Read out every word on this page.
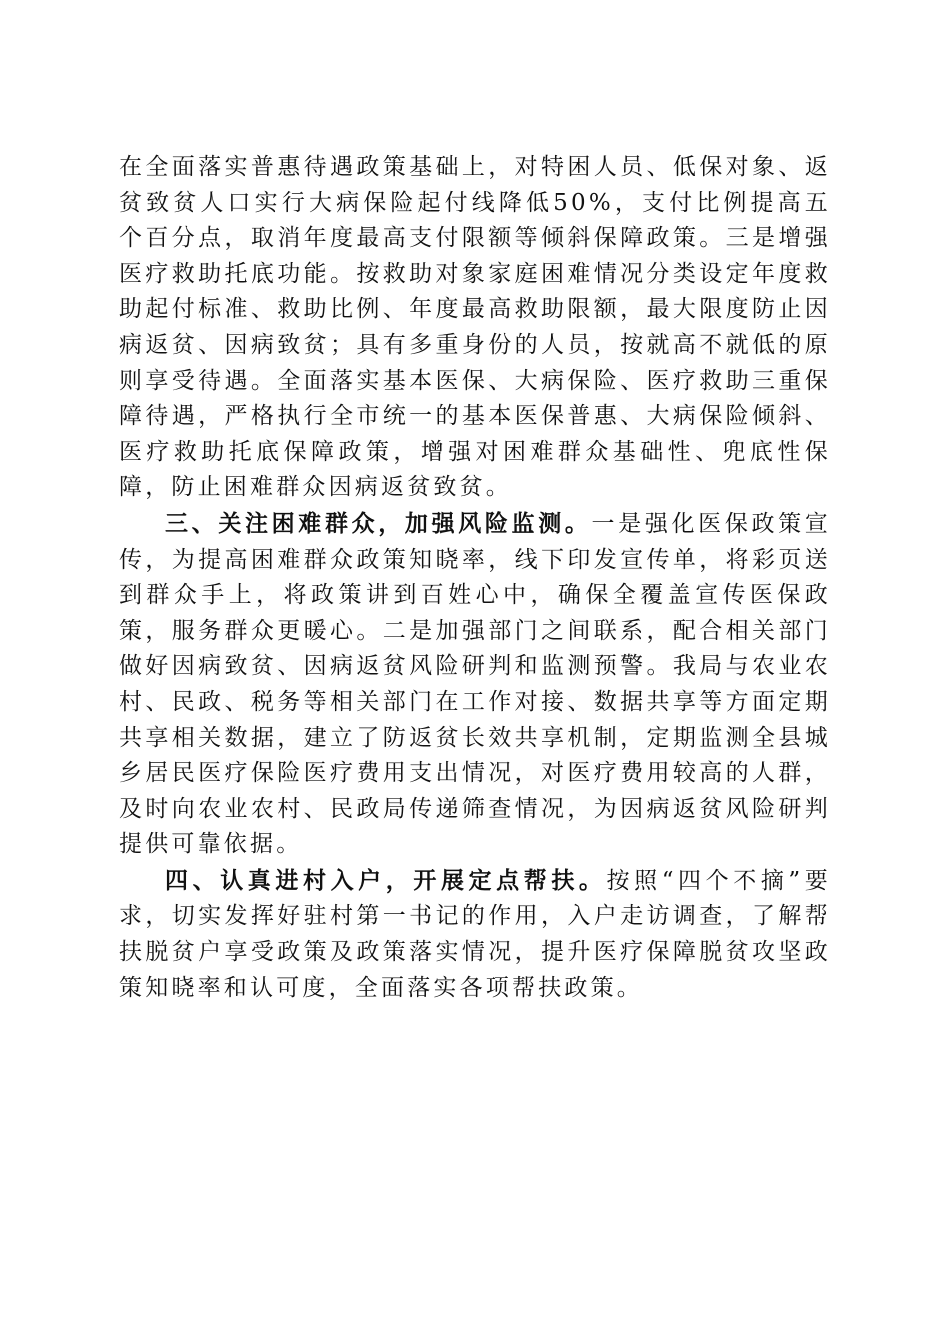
在全面落实普惠待遇政策基础上，对特困人员、低保对象、返贫致贫人口实行大病保险起付线降低50%，支付比例提高五个百分点，取消年度最高支付限额等倾斜保障政策。三是增强医疗救助托底功能。按救助对象家庭困难情况分类设定年度救助起付标准、救助比例、年度最高救助限额，最大限度防止因病返贫、因病致贫；具有多重身份的人员，按就高不就低的原则享受待遇。全面落实基本医保、大病保险、医疗救助三重保障待遇，严格执行全市统一的基本医保普惠、大病保险倾斜、医疗救助托底保障政策，增强对困难群众基础性、兜底性保障，防止困难群众因病返贫致贫。

三、关注困难群众，加强风险监测。一是强化医保政策宣传，为提高困难群众政策知晓率，线下印发宣传单，将彩页送到群众手上，将政策讲到百姓心中，确保全覆盖宣传医保政策，服务群众更暖心。二是加强部门之间联系，配合相关部门做好因病致贫、因病返贫风险研判和监测预警。我局与农业农村、民政、税务等相关部门在工作对接、数据共享等方面定期共享相关数据，建立了防返贫长效共享机制，定期监测全县城乡居民医疗保险医疗费用支出情况，对医疗费用较高的人群，及时向农业农村、民政局传递筛查情况，为因病返贫风险研判提供可靠依据。

四、认真进村入户，开展定点帮扶。按照“四个不摘”要求，切实发挥好驻村第一书记的作用，入户走访调查，了解帮扶脱贫户享受政策及政策落实情况，提升医疗保障脱贫攻坚政策知晓率和认可度，全面落实各项帮扶政策。
